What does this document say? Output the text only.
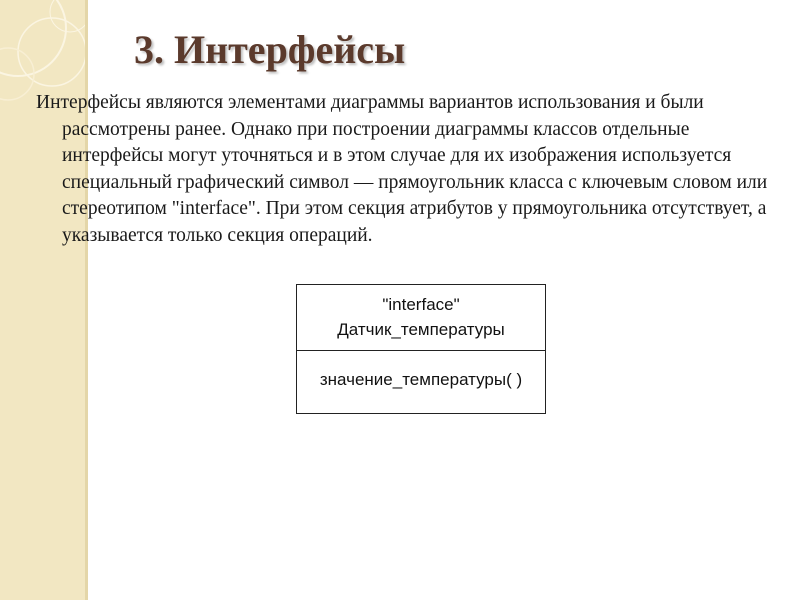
3. Интерфейсы

Интерфейсы являются элементами диаграммы вариантов использования и были рассмотрены ранее. Однако при построении диаграммы классов отдельные интерфейсы могут уточняться и в этом случае для их изображения используется специальный графический символ — прямоугольник класса с ключевым словом или стереотипом "interface". При этом секция атрибутов у прямоугольника отсутствует, а указывается только секция операций.

"interface"
Датчик_температуры
значение_температуры( )
